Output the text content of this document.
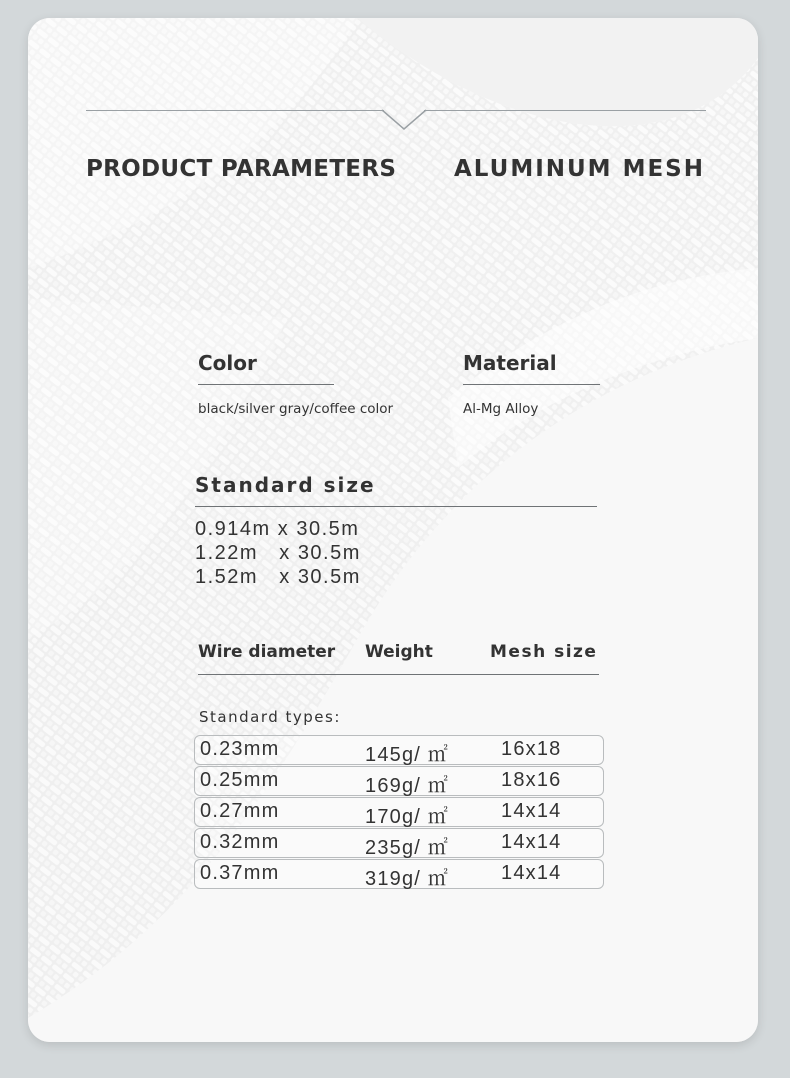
PRODUCT PARAMETERS	ALUMINUM MESH
Color
black/silver gray/coffee color
Material
Al-Mg Alloy
Standard size
0.914m x 30.5m
1.22m   x 30.5m
1.52m   x 30.5m
Wire diameter Weight	Mesh size
Standard types:
0.23mm	145g/ ㎡	16x18
0.25mm	169g/ ㎡	18x16
0.27mm	170g/ ㎡	14x14
0.32mm	235g/ ㎡	14x14
0.37mm	319g/ ㎡	14x14
